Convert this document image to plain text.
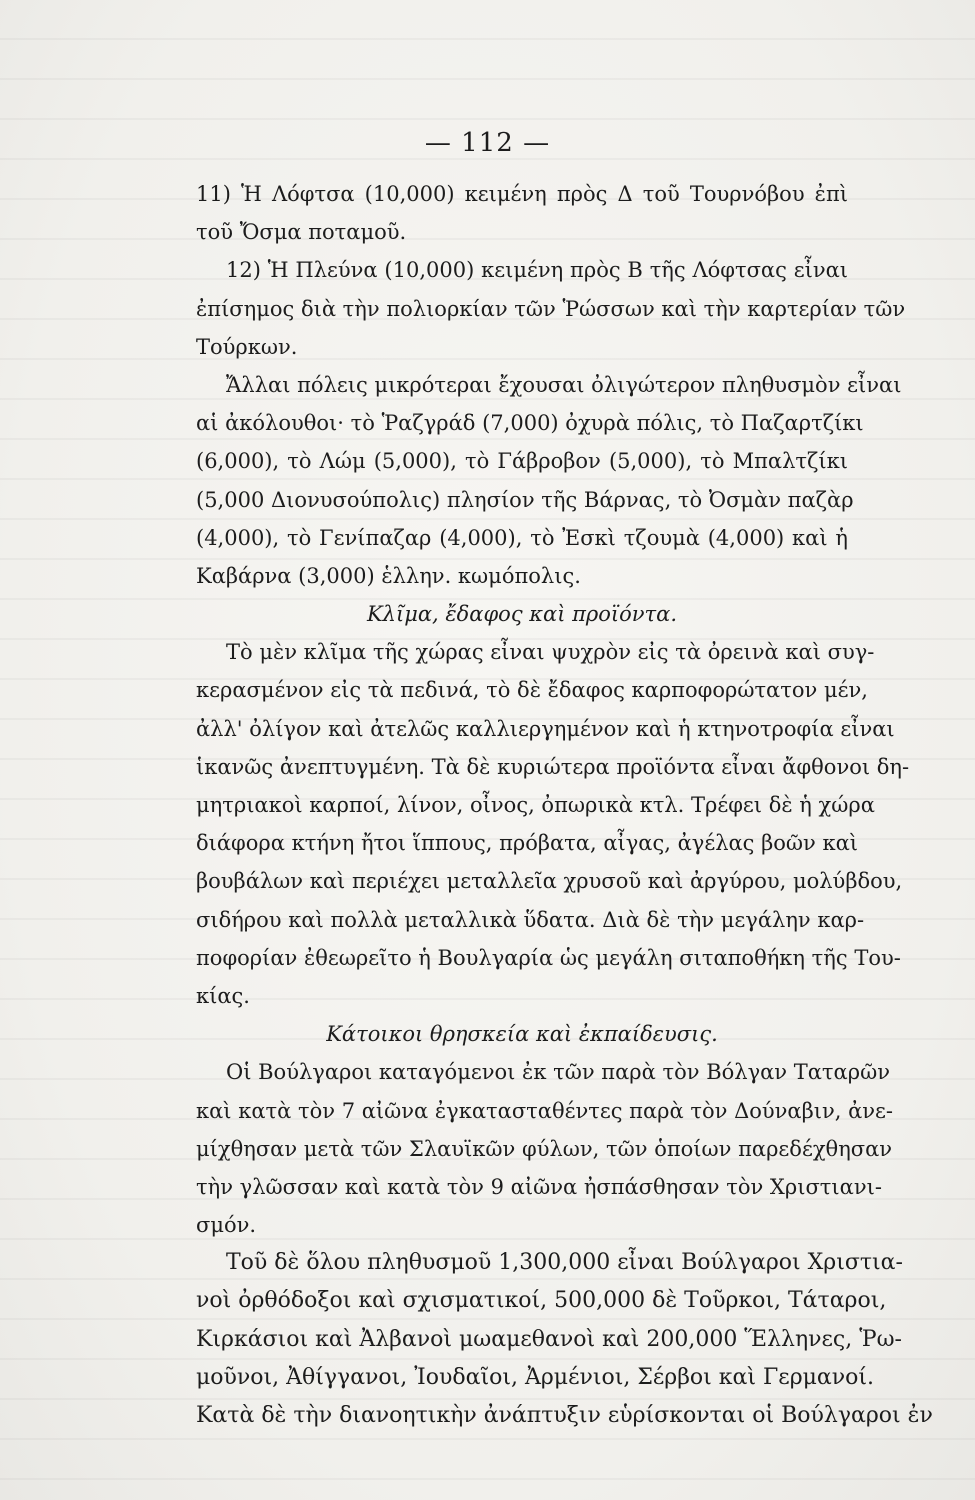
— 112 —
11) Ἡ Λόφτσα (10,000) κειμένη πρὸς Δ τοῦ Τουρνόβου ἐπὶ
τοῦ Ὄσμα ποταμοῦ.
12) Ἡ Πλεύνα (10,000) κειμένη πρὸς Β τῆς Λόφτσας εἶναι
ἐπίσημος διὰ τὴν πολιορκίαν τῶν Ῥώσσων καὶ τὴν καρτερίαν τῶν
Τούρκων.
Ἄλλαι πόλεις μικρότεραι ἔχουσαι ὀλιγώτερον πληθυσμὸν εἶναι
αἱ ἀκόλουθοι· τὸ Ῥαζγράδ (7,000) ὀχυρὰ πόλις, τὸ Παζαρτζίκι
(6,000), τὸ Λώμ (5,000), τὸ Γάβροβον (5,000), τὸ Μπαλτζίκι
(5,000 Διονυσούπολις) πλησίον τῆς Βάρνας, τὸ Ὀσμὰν παζὰρ
(4,000), τὸ Γενίπαζαρ (4,000), τὸ Ἐσκὶ τζουμὰ (4,000) καὶ ἡ
Καβάρνα (3,000) ἑλλην. κωμόπολις.
Κλῖμα, ἔδαφος καὶ προϊόντα.
Τὸ μὲν κλῖμα τῆς χώρας εἶναι ψυχρὸν εἰς τὰ ὀρεινὰ καὶ συγ-
κερασμένον εἰς τὰ πεδινά, τὸ δὲ ἔδαφος καρποφορώτατον μέν,
ἀλλ' ὀλίγον καὶ ἀτελῶς καλλιεργημένον καὶ ἡ κτηνοτροφία εἶναι
ἱκανῶς ἀνεπτυγμένη. Τὰ δὲ κυριώτερα προϊόντα εἶναι ἄφθονοι δη-
μητριακοὶ καρποί, λίνον, οἶνος, ὀπωρικὰ κτλ. Τρέφει δὲ ἡ χώρα
διάφορα κτήνη ἤτοι ἵππους, πρόβατα, αἶγας, ἀγέλας βοῶν καὶ
βουβάλων καὶ περιέχει μεταλλεῖα χρυσοῦ καὶ ἀργύρου, μολύβδου,
σιδήρου καὶ πολλὰ μεταλλικὰ ὕδατα. Διὰ δὲ τὴν μεγάλην καρ-
ποφορίαν ἐθεωρεῖτο ἡ Βουλγαρία ὡς μεγάλη σιταποθήκη τῆς Του-
κίας.
Κάτοικοι θρησκεία καὶ ἐκπαίδευσις.
Οἱ Βούλγαροι καταγόμενοι ἐκ τῶν παρὰ τὸν Βόλγαν Ταταρῶν
καὶ κατὰ τὸν 7 αἰῶνα ἐγκατασταθέντες παρὰ τὸν Δούναβιν, ἀνε-
μίχθησαν μετὰ τῶν Σλαυϊκῶν φύλων, τῶν ὁποίων παρεδέχθησαν
τὴν γλῶσσαν καὶ κατὰ τὸν 9 αἰῶνα ἠσπάσθησαν τὸν Χριστιανι-
σμόν.
Τοῦ δὲ ὅλου πληθυσμοῦ 1,300,000 εἶναι Βούλγαροι Χριστια-
νοὶ ὀρθόδοξοι καὶ σχισματικοί, 500,000 δὲ Τοῦρκοι, Τάταροι,
Κιρκάσιοι καὶ Ἀλβανοὶ μωαμεθανοὶ καὶ 200,000 Ἕλληνες, Ῥω-
μοῦνοι, Ἀθίγγανοι, Ἰουδαῖοι, Ἀρμένιοι, Σέρβοι καὶ Γερμανοί.
Κατὰ δὲ τὴν διανοητικὴν ἀνάπτυξιν εὑρίσκονται οἱ Βούλγαροι ἐν
